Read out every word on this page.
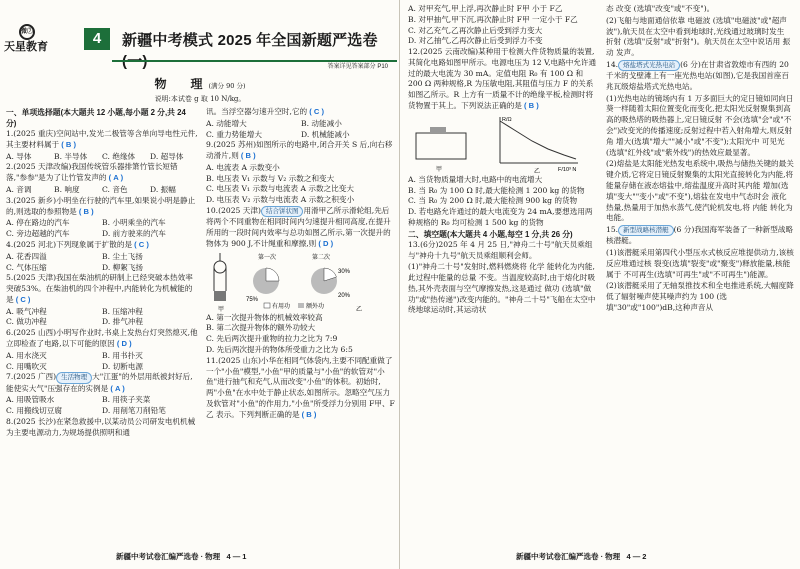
微⑦
天星教育	4	新疆中考模式 2025 年全国新题严选卷(一)	答案详见答案部分 P10
物　理(满分 90 分)
说明:本试卷 g 取 10 N/kg。
一、单项选择题(本大题共 12 小题,每小题 2 分,共 24 分)
1.(2025 重庆)空间站中,发光二极管等含单向导电性元件,其主要材料属于 ( B )
A. 导体	B. 半导体	C. 绝缘体	D. 超导体
2.(2025 天津改编)我国传统管乐器排箫竹管长短错落,"参参"是为了让竹管发声的 ( A )
A. 音调	B. 响度	C. 音色	D. 振幅
3.(2025 新乡)小明坐在行驶的汽车里,如果说小明是静止的,则选取的参照物是 ( B )
A. 停在路边的汽车	B. 小明乘坐的汽车
C. 旁边超越的汽车	D. 前方驶来的汽车
4.(2025 河北)下列现象属于扩散的是 ( C )
A. 花香四溢	B. 尘土飞扬
C. 气体压缩	D. 柳絮飞扬
5.(2025 天津)我国在柴油机的研制上已经突破本热效率突破53%。在柴油机的四个冲程中,内能转化为机械能的是 ( C )
A. 吸气冲程	B. 压缩冲程
C. 做功冲程	D. 排气冲程
6.(2025 山西)小明写作业时,书桌上发热台灯突然熄灭,他立即检查了电路,以下可能的原因 ( D )
A. 用水浇灭	B. 用书扑灭
C. 用嘴吹灭	D. 切断电源
7.(2025 广西) 生活物理 大"江蛋"的外层用纸被封好后,能使实大气"压强存在的实例是 ( A )
A. 用吸管吸水	B. 用筷子夹菜
C. 用搬线切豆腐	D. 用削笔刀削铅笔
8.(2025 长沙)在紧急救援中,以某动员公司研发电机机械为主要电源动力,为规场提供照明和通
讯。当浮空器匀速升空时,它的 ( C )
A. 动能增大	B. 动能减小
C. 重力势能增大	D. 机械能减小
9.(2025 苏州)如图所示的电路中,闭合开关 S 后,向右移动滑片,则 ( B )
A. 电流表 A 示数变小
B. 电压表 V₁ 示数与 V₂ 示数之和变大
C. 电压表 V₁ 示数与电流表 A 示数之比变大
D. 电压表 V₂ 示数与电流表 A 示数之积变小
10.(2025 天津) 结合饼状图 用滑甲乙所示滑轮组,先后将两个不同重物在相同时间内匀速提升相同高度,在提升所用的一段时间内效率与总功如图乙所示,第一次提升的物体为 900 J,不计绳重和摩擦,则 ( D )
甲
第一次
75%
第二次
30%
20%
有用功	额外功	乙
A. 第一次提升物体的机械效率较高
B. 第二次提升物体的额外功较大
C. 先后两次提升重物的拉力之比为 7:9
D. 先后两次提升的物体所受重力之比为 6:5
11.(2025 山东)小华在相同气体袋内,主要不同配重做了一个"小鱼"模型,"小鱼"甲的质量与"小鱼"的软管对"小鱼"进行抽气和充气,从而改变"小鱼"的体积。初始时,两"小鱼"在水中处于静止状态,如图所示。忽略空气压力及软管对"小鱼"的作用力,"小鱼"所受浮力分别用 F甲、F乙 表示。下列判断正确的是 ( B )
新疆中考试卷汇编严选卷 · 物理 4 — 1
A. 对甲充气,甲上浮,再次静止时 F甲 小于 F乙
B. 对甲抽气,甲下沉,再次静止时 F甲 一定小于 F乙
C. 对乙充气,乙再次静止后受到浮力变大
D. 对乙抽气,乙再次静止后受到浮力不变
12.(2025 云南改编)某种用于检测大件货物质量的装置,其简化电路如图甲所示。电源电压为 12 V,电路中允许通过的最大电流为 30 mA。定值电阻 R₀ 有 100 Ω 和 200 Ω 两种规格,R 为压敏电阻,其阻值与压力 F 的关系如图乙所示。R 上方有一质量不计的绝缘平板,检测时将货物置于其上。下列说法正确的是 ( B )
甲
R/Ω
F/10³ N
乙
A. 当货物质量增大时,电路中的电流增大
B. 当 R₀ 为 100 Ω 时,最大能检测 1 200 kg 的货物
C. 当 R₀ 为 200 Ω 时,最大能检测 900 kg 的货物
D. 若电路允许通过的最大电流变为 24 mA,要想选用两种规格的 R₀ 均可检测 1 500 kg 的货物
二、填空题(本大题共 4 小题,每空 1 分,共 26 分)
13.(6分)2025 年 4 月 25 日,"神舟二十号"航天员乘组与"神舟十九号"航天员乘组顺利会师。
(1)"神舟二十号"发射时,燃料燃烧将 化学 能转化为内能,此过程中能量的总量 不变。当温度较高时,由于熔化时吸热,其外壳表面与空气摩擦发热,这是通过 做功 (选填"做功"或"热传递")改变内能的。"神舟二十号"飞船在太空中绕地球运动时,其运动状
态 改变 (选填"改变"或"不变")。
(2)飞船与地面通信依靠 电磁波 (选填"电磁波"或"超声波"),航天员在太空中看到地球时,光线通过玻璃时发生 折射 (选填"反射"或"折射")。航天员在太空中说话用 振动 发声。
14. 熔盐塔式光热电站 (6 分)在甘肃省敦煌市有西的 20 千米的戈壁滩上有一座光热电站(如图),它是我国首座百兆瓦级熔盐塔式光热电站。
(1)光热电站的镜场内有 1 万多面巨大的定日镜如同向日葵一样随着太阳位置变化而变化,把太阳光反射聚集到高高的吸热塔的吸热器上,定日镜反射 不会(选填"会"或"不会")改变光的传播速度;反射过程中若入射角增大,则反射角 增大(选填"增大""减小"或"不变");太阳光中 可见光(选填"红外线"或"紫外线")的热效应最显著。
(2)熔盐是太阳能光热发电系统中,吸热与储热关键的最关键介质,它将定日镜反射聚集的太阳光直接转化为内能,将能量存储在液态熔盐中,熔盐温度升高时其内能 增加(选填"变大""变小"或"不变"),熔盐在发电中气态时会 液化 热量,热量用于加热水蒸气,使汽轮机发电,将 内能 转化为电能。
15. 新型战略核潜艇 (6 分)我国海军装备了一种新型战略核潜艇。
(1)该潜艇采用第四代小型压水式核反应堆提供动力,该核反应堆通过核 裂变(选填"裂变"或"聚变")释放能量,核能属于 不可再生(选填"可再生"或"不可再生")能源。
(2)该潜艇采用了无轴泵推技术和全电推进系统,大幅度降低了辐射噪声使其噪声约为 100 (选填"30"或"100")dB,这种声音从
新疆中考试卷汇编严选卷 · 物理 4 — 2
